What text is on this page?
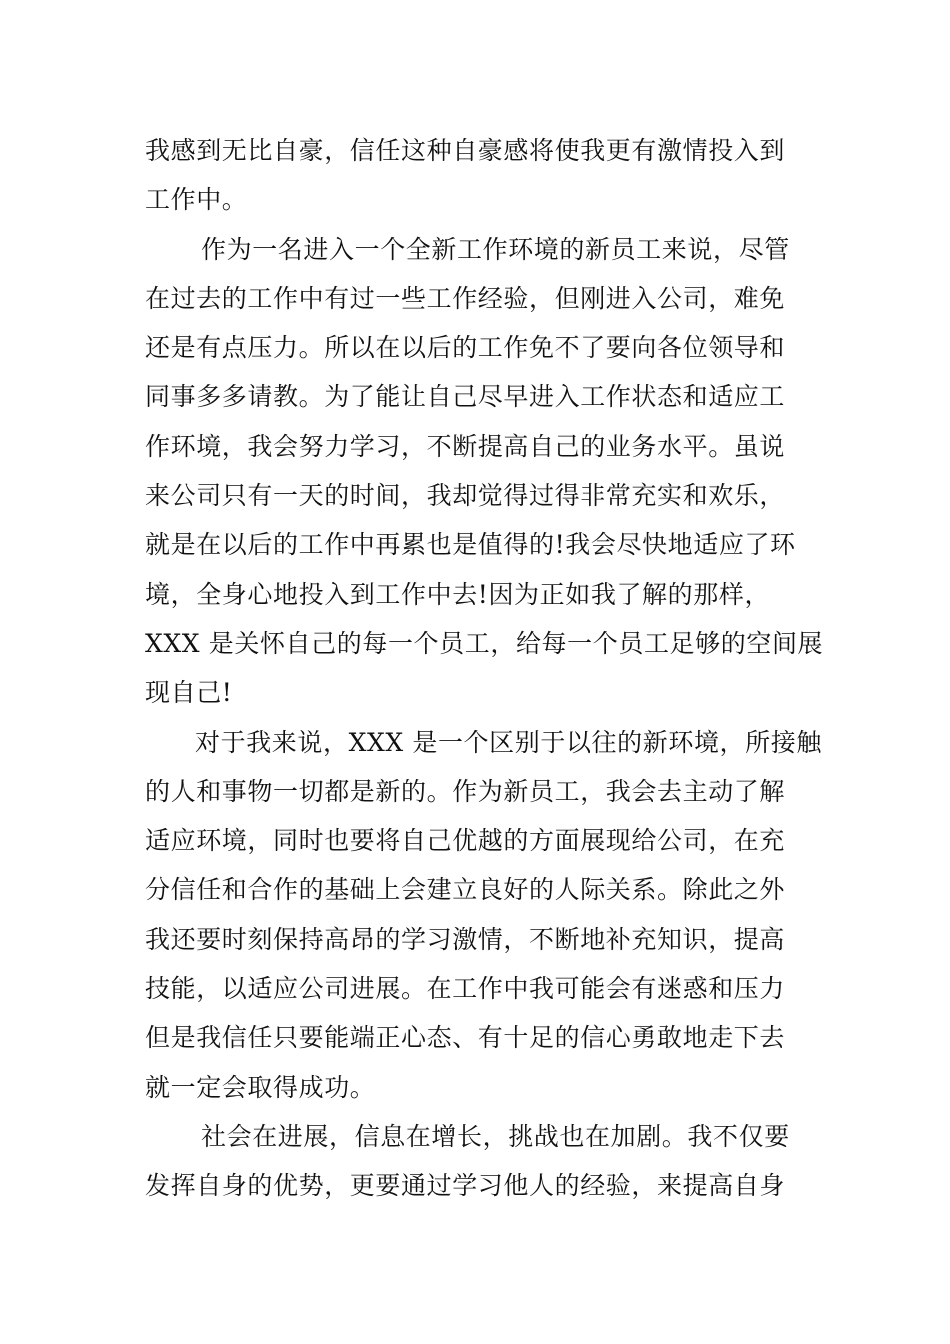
我感到无比自豪，信任这种自豪感将使我更有激情投入到
工作中。
作为一名进入一个全新工作环境的新员工来说，尽管
在过去的工作中有过一些工作经验，但刚进入公司，难免
还是有点压力。所以在以后的工作免不了要向各位领导和
同事多多请教。为了能让自己尽早进入工作状态和适应工
作环境，我会努力学习，不断提高自己的业务水平。虽说
来公司只有一天的时间，我却觉得过得非常充实和欢乐，
就是在以后的工作中再累也是值得的!我会尽快地适应了环
境，全身心地投入到工作中去!因为正如我了解的那样，
XXX 是关怀自己的每一个员工，给每一个员工足够的空间展
现自己!
对于我来说，XXX 是一个区别于以往的新环境，所接触
的人和事物一切都是新的。作为新员工，我会去主动了解
适应环境，同时也要将自己优越的方面展现给公司，在充
分信任和合作的基础上会建立良好的人际关系。除此之外
我还要时刻保持高昂的学习激情，不断地补充知识，提高
技能，以适应公司进展。在工作中我可能会有迷惑和压力
但是我信任只要能端正心态、有十足的信心勇敢地走下去
就一定会取得成功。
社会在进展，信息在增长，挑战也在加剧。我不仅要
发挥自身的优势，更要通过学习他人的经验，来提高自身
